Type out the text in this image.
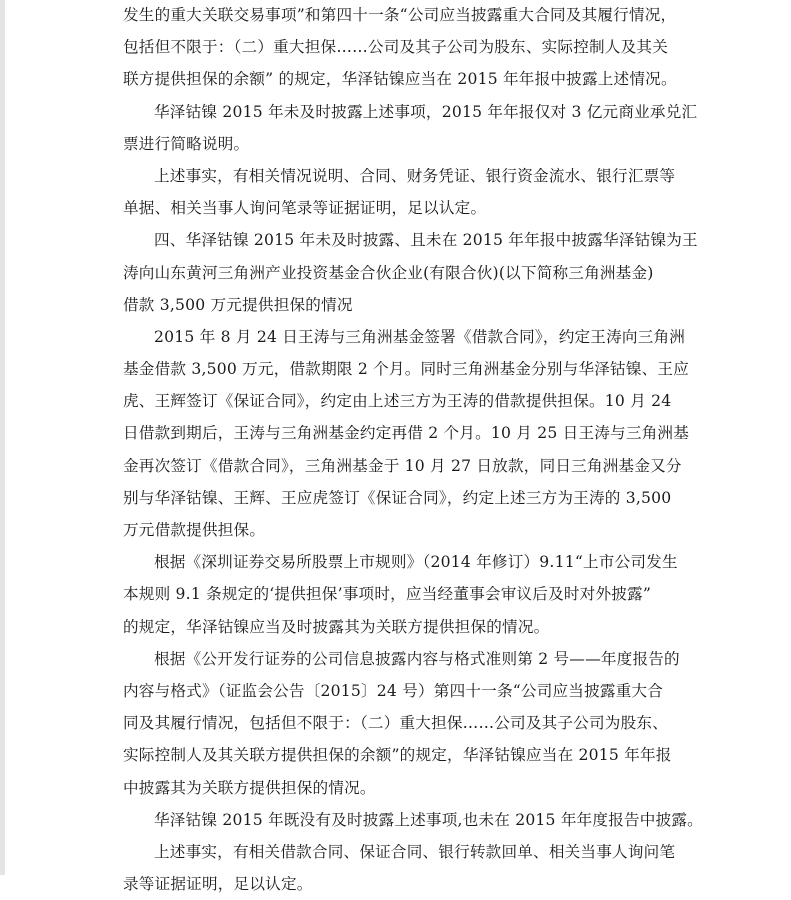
发生的重大关联交易事项”和第四十一条“公司应当披露重大合同及其履行情况，
包括但不限于：（二）重大担保……公司及其子公司为股东、实际控制人及其关
联方提供担保的余额” 的规定，华泽钴镍应当在 2015 年年报中披露上述情况。
华泽钴镍 2015 年未及时披露上述事项，2015 年年报仅对 3 亿元商业承兑汇
票进行简略说明。
上述事实，有相关情况说明、合同、财务凭证、银行资金流水、银行汇票等
单据、相关当事人询问笔录等证据证明，足以认定。
四、华泽钴镍 2015 年未及时披露、且未在 2015 年年报中披露华泽钴镍为王
涛向山东黄河三角洲产业投资基金合伙企业(有限合伙)(以下简称三角洲基金)
借款 3,500 万元提供担保的情况
2015 年 8 月 24 日王涛与三角洲基金签署《借款合同》，约定王涛向三角洲
基金借款 3,500 万元，借款期限 2 个月。同时三角洲基金分别与华泽钴镍、王应
虎、王辉签订《保证合同》，约定由上述三方为王涛的借款提供担保。10 月 24
日借款到期后，王涛与三角洲基金约定再借 2 个月。10 月 25 日王涛与三角洲基
金再次签订《借款合同》，三角洲基金于 10 月 27 日放款，同日三角洲基金又分
别与华泽钴镍、王辉、王应虎签订《保证合同》，约定上述三方为王涛的 3,500
万元借款提供担保。
根据《深圳证券交易所股票上市规则》（2014 年修订）9.11“上市公司发生
本规则 9.1 条规定的‘提供担保’事项时，应当经董事会审议后及时对外披露”
的规定，华泽钴镍应当及时披露其为关联方提供担保的情况。
根据《公开发行证券的公司信息披露内容与格式准则第 2 号——年度报告的
内容与格式》（证监会公告〔2015〕24 号）第四十一条“公司应当披露重大合
同及其履行情况，包括但不限于：（二）重大担保……公司及其子公司为股东、
实际控制人及其关联方提供担保的余额”的规定，华泽钴镍应当在 2015 年年报
中披露其为关联方提供担保的情况。
华泽钴镍 2015 年既没有及时披露上述事项,也未在 2015 年年度报告中披露。
上述事实，有相关借款合同、保证合同、银行转款回单、相关当事人询问笔
录等证据证明，足以认定。
